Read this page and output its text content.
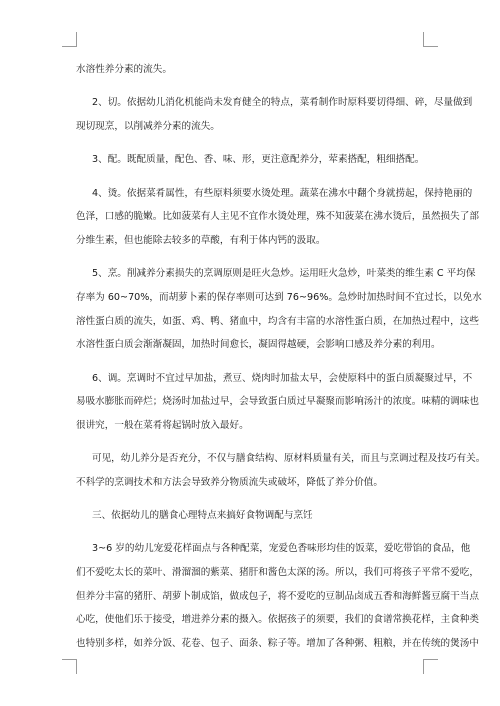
水溶性养分素的流失。
2、切。依据幼儿消化机能尚未发育健全的特点，菜肴制作时原料要切得细、碎，尽量做到
现切现烹，以削减养分素的流失。
3、配。既配质量，配色、香、味、形，更注意配养分，荤素搭配，粗细搭配。
4、烫。依据菜肴属性，有些原料须要水烫处理。蔬菜在沸水中翻个身就捞起，保持艳丽的
色泽，口感的脆嫩。比如菠菜有人主见不宜作水烫处理，殊不知菠菜在沸水烫后，虽然损失了部
分维生素，但也能除去较多的草酸，有利于体内钙的汲取。
5、烹。削减养分素损失的烹调原则是旺火急炒。运用旺火急炒，叶菜类的维生素 C 平均保
存率为 60~70%，而胡萝卜素的保存率则可达到 76~96%。急炒时加热时间不宜过长，以免水
溶性蛋白质的流失，如蛋、鸡、鸭、猪血中，均含有丰富的水溶性蛋白质，在加热过程中，这些
水溶性蛋白质会渐渐凝固，加热时间愈长，凝固得越硬，会影响口感及养分素的利用。
6、调。烹调时不宜过早加盐，煮豆、烧肉时加盐太早，会使原料中的蛋白质凝聚过早，不
易吸水膨胀而碎烂；烧汤时加盐过早，会导致蛋白质过早凝聚而影响汤汁的浓度。味精的调味也
很讲究，一般在菜肴将起锅时放入最好。
可见，幼儿养分是否充分，不仅与膳食结构、原材料质量有关，而且与烹调过程及技巧有关。
不科学的烹调技术和方法会导致养分物质流失或破坏，降低了养分价值。
三、依据幼儿的膳食心理特点来搞好食物调配与烹饪
3~6 岁的幼儿宠爱花样面点与各种配菜，宠爱色香味形均佳的饭菜，爱吃带馅的食品，他
们不爱吃太长的菜叶、滑溜溜的紫菜、猪肝和酱色太深的汤。所以，我们可将孩子平常不爱吃，
但养分丰富的猪肝、胡萝卜制成馅，做成包子，将不爱吃的豆制品卤成五香和海鲜酱豆腐干当点
心吃，使他们乐于接受，增进养分素的摄入。依据孩子的须要，我们的食谱常换花样，主食种类
也特别多样，如养分饭、花卷、包子、面条、粽子等。增加了各种粥、粗粮，并在传统的煲汤中
